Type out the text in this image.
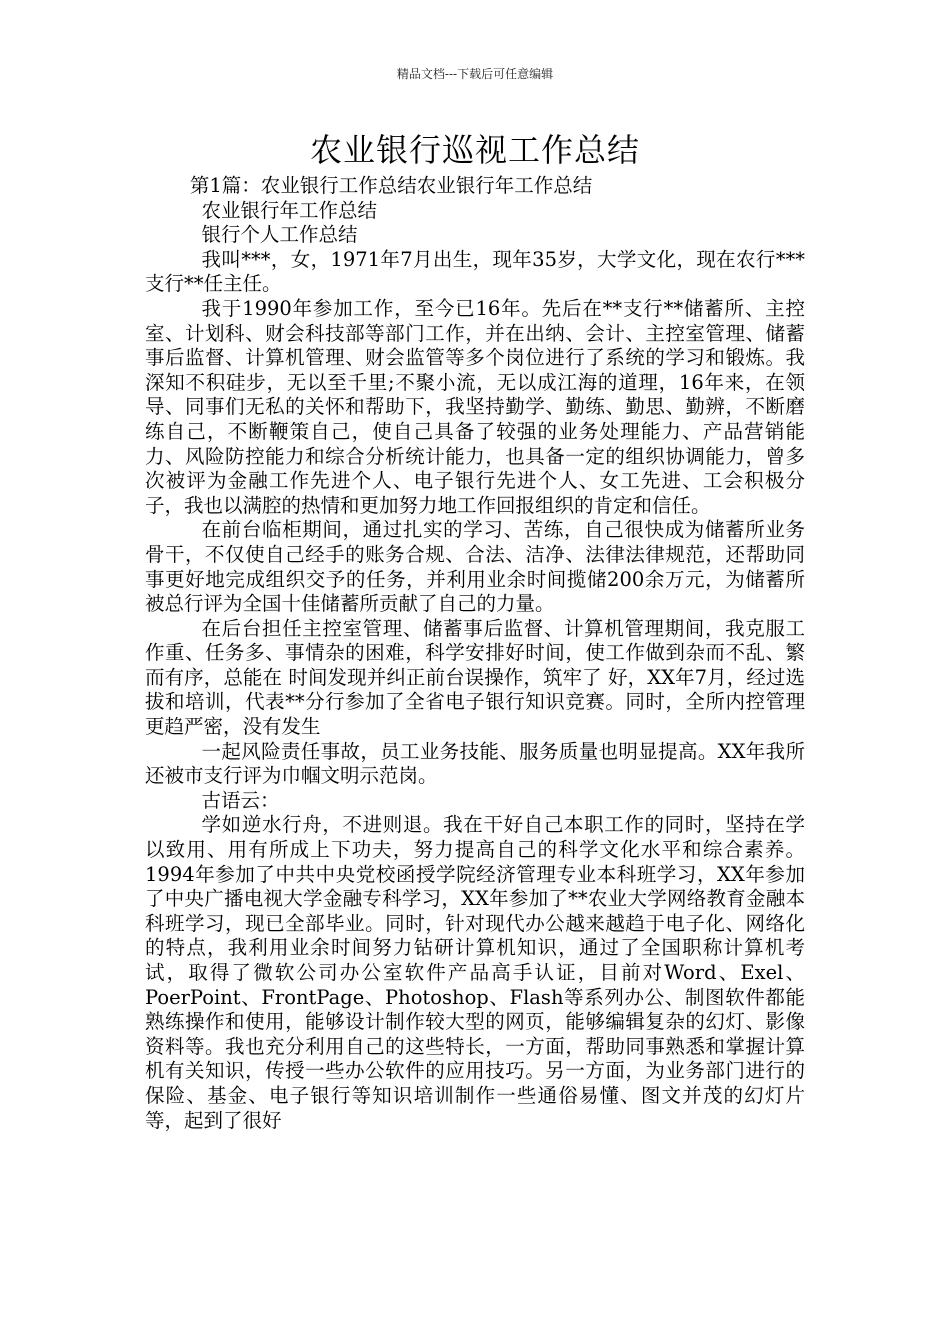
精品文档---下载后可任意编辑
农业银行巡视工作总结

第1篇：农业银行工作总结农业银行年工作总结

农业银行年工作总结

银行个人工作总结

我叫***，女，1971年7月出生，现年35岁，大学文化，现在农行***支行**任主任。

我于1990年参加工作，至今已16年。先后在**支行**储蓄所、主控室、计划科、财会科技部等部门工作，并在出纳、会计、主控室管理、储蓄事后监督、计算机管理、财会监管等多个岗位进行了系统的学习和锻炼。我深知不积硅步，无以至千里;不聚小流，无以成江海的道理，16年来，在领导、同事们无私的关怀和帮助下，我坚持勤学、勤练、勤思、勤辨，不断磨练自己，不断鞭策自己，使自己具备了较强的业务处理能力、产品营销能力、风险防控能力和综合分析统计能力，也具备一定的组织协调能力，曾多次被评为金融工作先进个人、电子银行先进个人、女工先进、工会积极分子，我也以满腔的热情和更加努力地工作回报组织的肯定和信任。

在前台临柜期间，通过扎实的学习、苦练，自己很快成为储蓄所业务骨干，不仅使自己经手的账务合规、合法、洁净、法律法律规范，还帮助同事更好地完成组织交予的任务，并利用业余时间揽储200余万元，为储蓄所被总行评为全国十佳储蓄所贡献了自己的力量。

在后台担任主控室管理、储蓄事后监督、计算机管理期间，我克服工作重、任务多、事情杂的困难，科学安排好时间，使工作做到杂而不乱、繁而有序，总能在 时间发现并纠正前台误操作，筑牢了 好，XX年7月，经过选拔和培训，代表**分行参加了全省电子银行知识竞赛。同时，全所内控管理更趋严密，没有发生

一起风险责任事故，员工业务技能、服务质量也明显提高。XX年我所还被市支行评为巾帼文明示范岗。

古语云：

学如逆水行舟，不进则退。我在干好自己本职工作的同时，坚持在学以致用、用有所成上下功夫，努力提高自己的科学文化水平和综合素养。1994年参加了中共中央党校函授学院经济管理专业本科班学习，XX年参加了中央广播电视大学金融专科学习，XX年参加了**农业大学网络教育金融本科班学习，现已全部毕业。同时，针对现代办公越来越趋于电子化、网络化的特点，我利用业余时间努力钻研计算机知识，通过了全国职称计算机考试，取得了微软公司办公室软件产品高手认证，目前对Word、Exel、PoerPoint、FrontPage、Photoshop、Flash等系列办公、制图软件都能熟练操作和使用，能够设计制作较大型的网页，能够编辑复杂的幻灯、影像资料等。我也充分利用自己的这些特长，一方面，帮助同事熟悉和掌握计算机有关知识，传授一些办公软件的应用技巧。另一方面，为业务部门进行的保险、基金、电子银行等知识培训制作一些通俗易懂、图文并茂的幻灯片等，起到了很好
